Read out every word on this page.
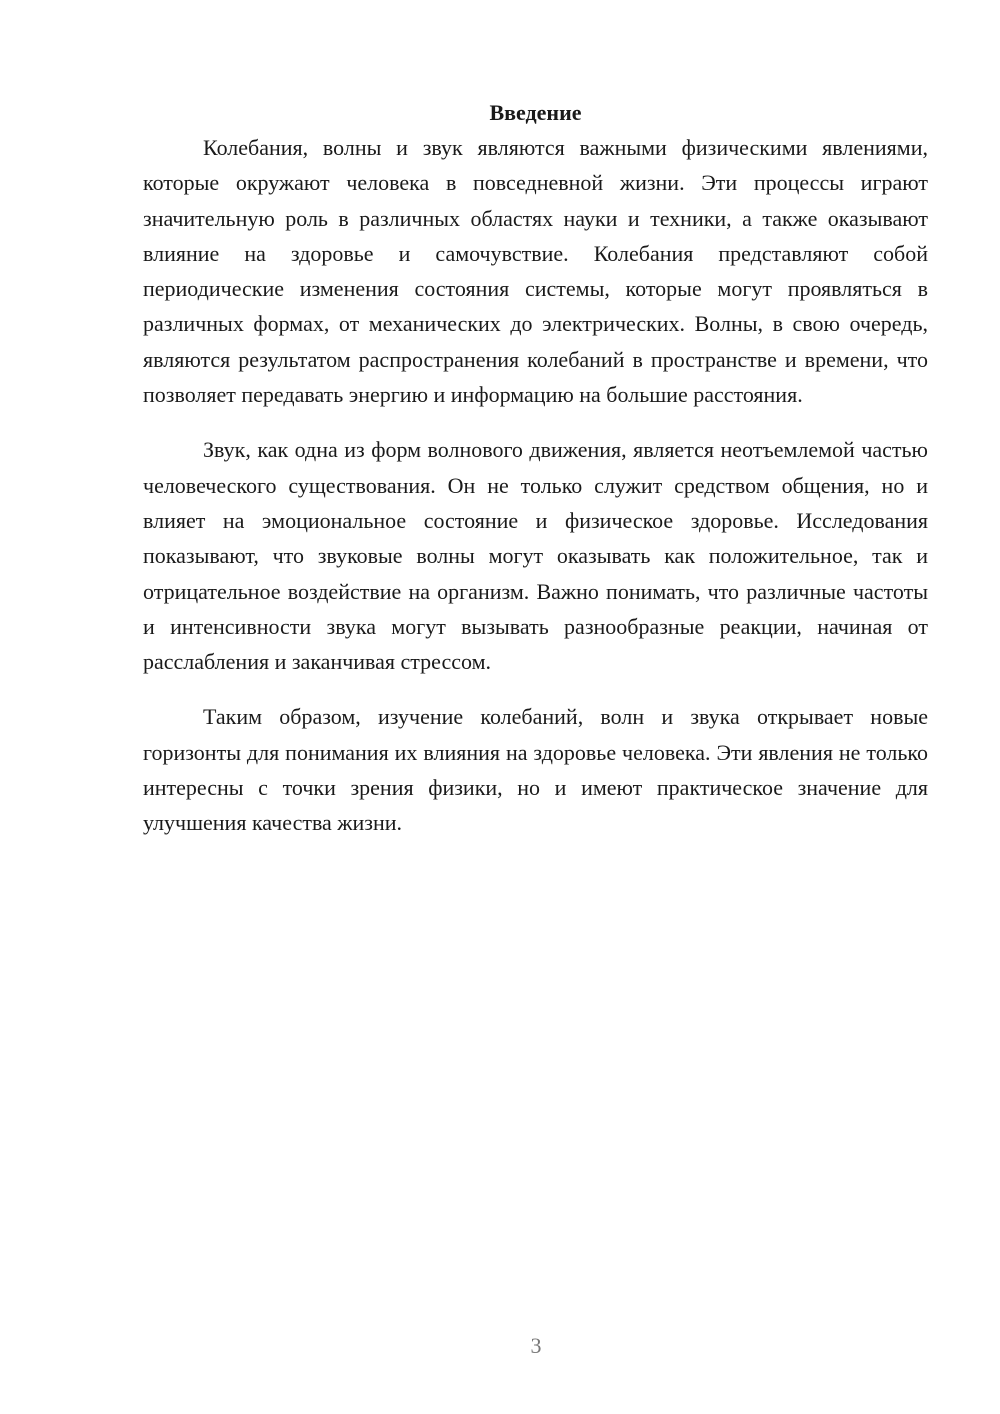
Введение

Колебания, волны и звук являются важными физическими явлениями, которые окружают человека в повседневной жизни. Эти процессы играют значительную роль в различных областях науки и техники, а также оказывают влияние на здоровье и самочувствие. Колебания представляют собой периодические изменения состояния системы, которые могут проявляться в различных формах, от механических до электрических. Волны, в свою очередь, являются результатом распространения колебаний в пространстве и времени, что позволяет передавать энергию и информацию на большие расстояния.

Звук, как одна из форм волнового движения, является неотъемлемой частью человеческого существования. Он не только служит средством общения, но и влияет на эмоциональное состояние и физическое здоровье. Исследования показывают, что звуковые волны могут оказывать как положительное, так и отрицательное воздействие на организм. Важно понимать, что различные частоты и интенсивности звука могут вызывать разнообразные реакции, начиная от расслабления и заканчивая стрессом.

Таким образом, изучение колебаний, волн и звука открывает новые горизонты для понимания их влияния на здоровье человека. Эти явления не только интересны с точки зрения физики, но и имеют практическое значение для улучшения качества жизни.

3
